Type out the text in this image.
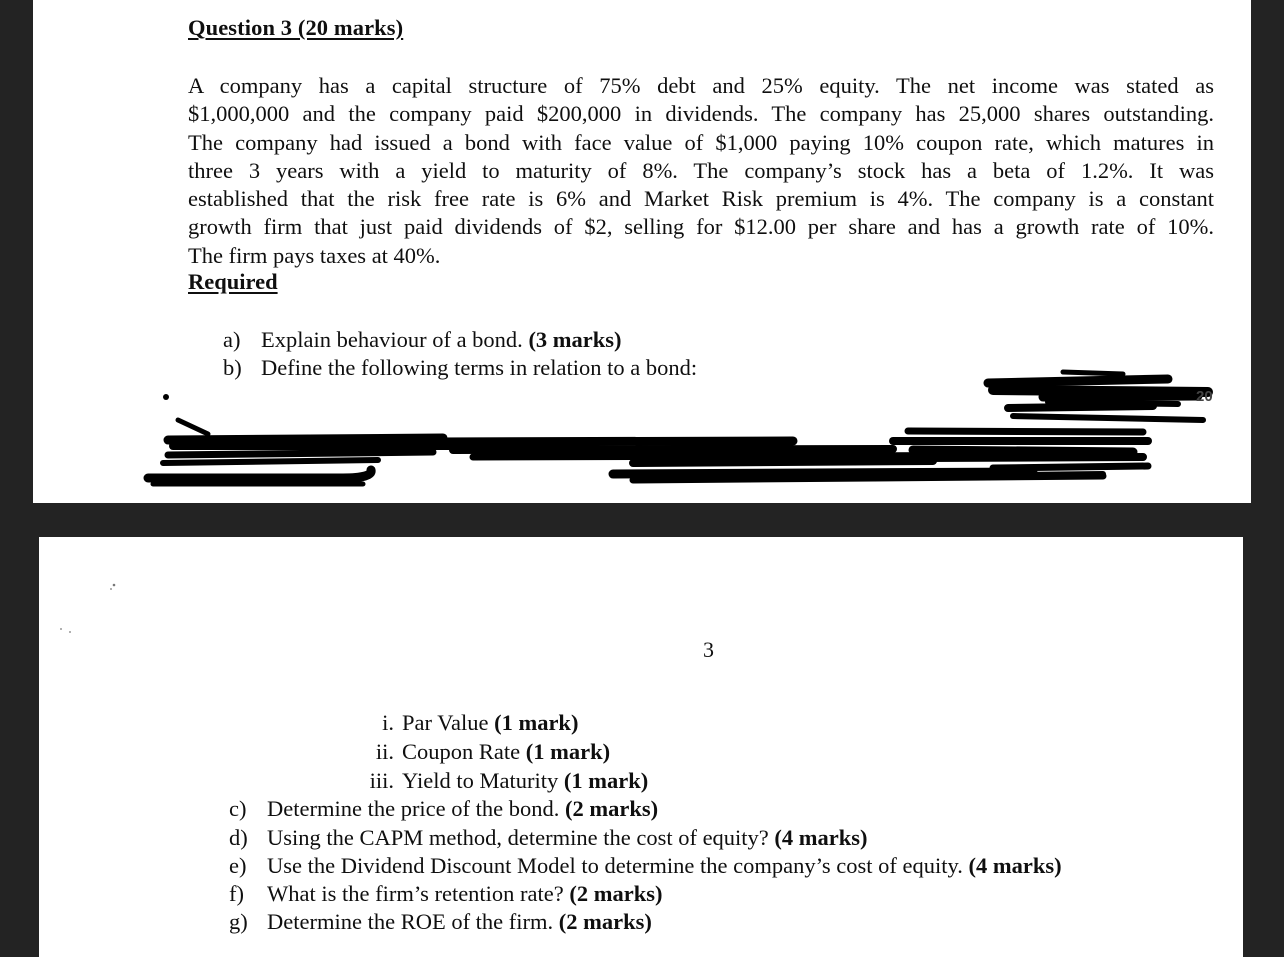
Question 3 (20 marks)
A company has a capital structure of 75% debt and 25% equity. The net income was stated as
$1,000,000 and the company paid $200,000 in dividends. The company has 25,000 shares outstanding.
The company had issued a bond with face value of $1,000 paying 10% coupon rate, which matures in
three 3 years with a yield to maturity of 8%. The company’s stock has a beta of 1.2%. It was
established that the risk free rate is 6% and Market Risk premium is 4%. The company is a constant
growth firm that just paid dividends of $2, selling for $12.00 per share and has a growth rate of 10%.
The firm pays taxes at 40%.
Required
a) Explain behaviour of a bond. (3 marks)
b) Define the following terms in relation to a bond:
20
3
i. Par Value (1 mark)
ii. Coupon Rate (1 mark)
iii. Yield to Maturity (1 mark)
c) Determine the price of the bond. (2 marks)
d) Using the CAPM method, determine the cost of equity? (4 marks)
e) Use the Dividend Discount Model to determine the company’s cost of equity. (4 marks)
f) What is the firm’s retention rate? (2 marks)
g) Determine the ROE of the firm. (2 marks)
